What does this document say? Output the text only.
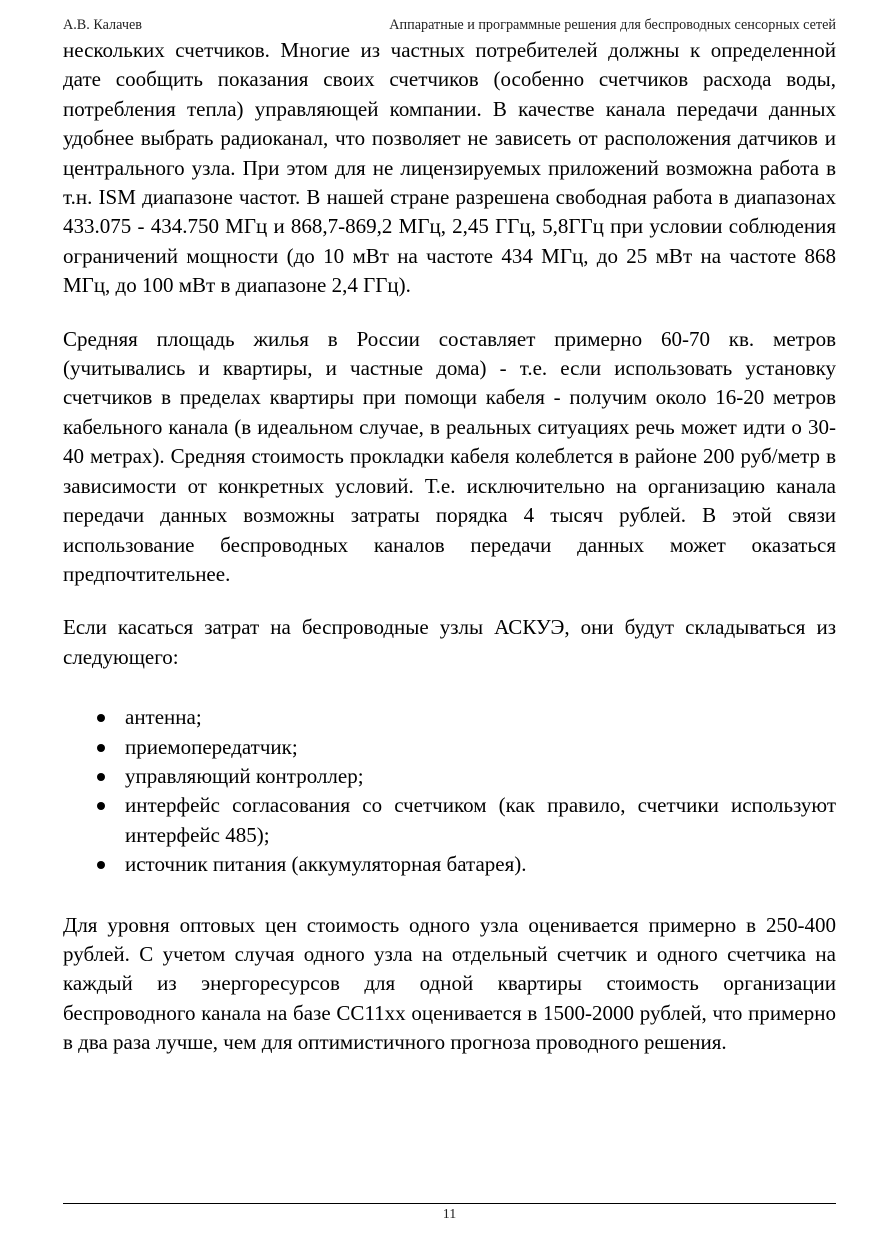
А.В. Калачев	Аппаратные и программные решения для беспроводных сенсорных сетей

нескольких счетчиков. Многие из частных потребителей должны к определенной дате сообщить показания своих счетчиков (особенно счетчиков расхода воды, потребления тепла) управляющей компании. В качестве канала передачи данных удобнее выбрать радиоканал, что позволяет не зависеть от расположения датчиков и центрального узла. При этом для не лицензируемых приложений возможна работа в т.н. ISM диапазоне частот. В нашей стране разрешена свободная работа в диапазонах 433.075 - 434.750 МГц и 868,7-869,2 МГц, 2,45 ГГц, 5,8ГГц при условии соблюдения ограничений мощности (до 10 мВт на частоте 434 МГц, до 25 мВт на частоте 868 МГц, до 100 мВт в диапазоне 2,4 ГГц).

Средняя площадь жилья в России составляет примерно 60-70 кв. метров (учитывались и квартиры, и частные дома) - т.е. если использовать установку счетчиков в пределах квартиры при помощи кабеля - получим около 16-20 метров кабельного канала (в идеальном случае, в реальных ситуациях речь может идти о 30-40 метрах). Средняя стоимость прокладки кабеля колеблется в районе 200 руб/метр в зависимости от конкретных условий. Т.е. исключительно на организацию канала передачи данных возможны затраты порядка 4 тысяч рублей. В этой связи использование беспроводных каналов передачи данных может оказаться предпочтительнее.

Если касаться затрат на беспроводные узлы АСКУЭ, они будут складываться из следующего:

антенна;
приемопередатчик;
управляющий контроллер;
интерфейс согласования со счетчиком (как правило, счетчики используют интерфейс 485);
источник питания (аккумуляторная батарея).

Для уровня оптовых цен стоимость одного узла оценивается примерно в 250-400 рублей. С учетом случая одного узла на отдельный счетчик и одного счетчика на каждый из энергоресурсов для одной квартиры стоимость организации беспроводного канала на базе CC11xx оценивается в 1500-2000 рублей, что примерно в два раза лучше, чем для оптимистичного прогноза проводного решения.

11
